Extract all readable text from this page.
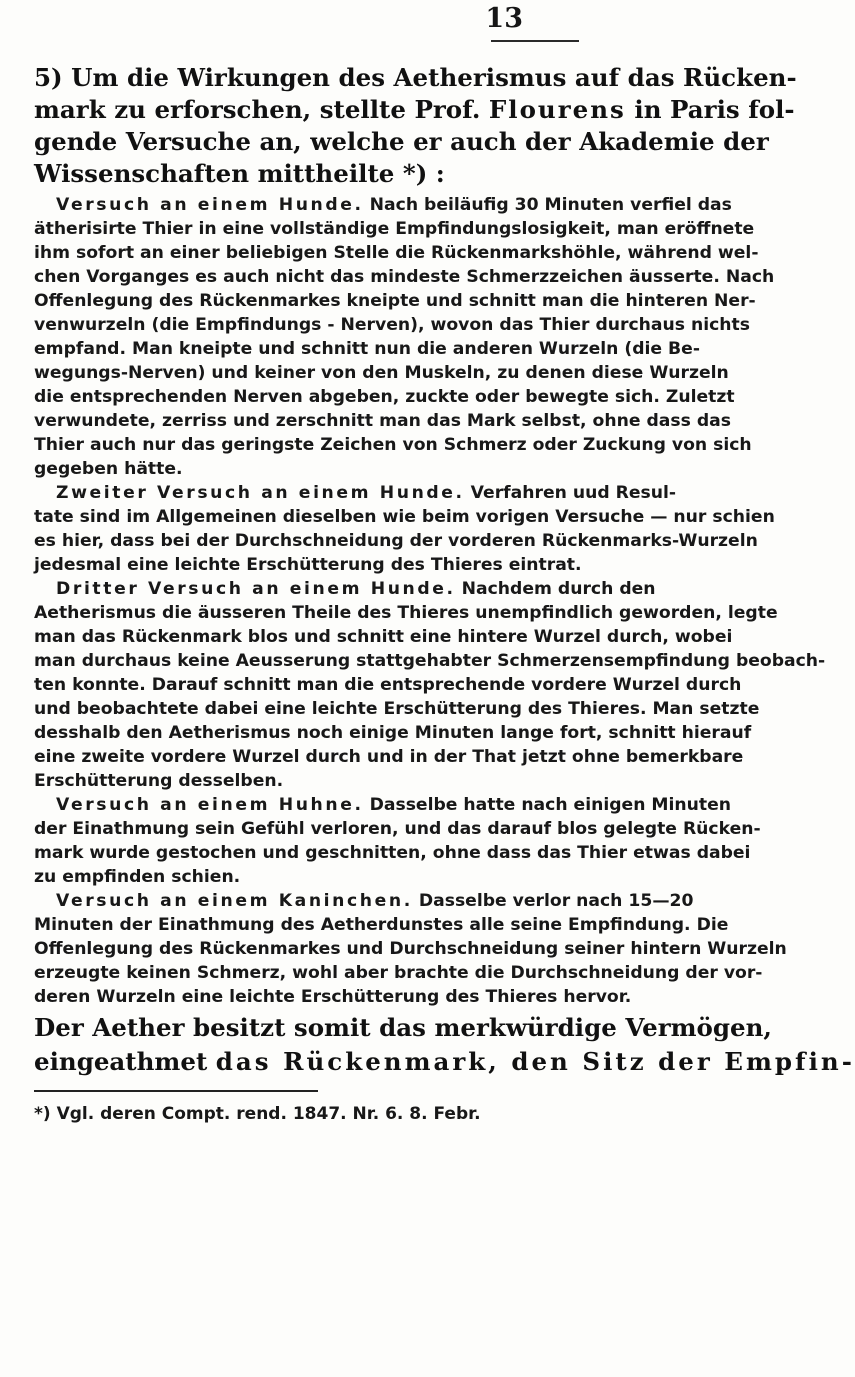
13
5) Um die Wirkungen des Aetherismus auf das Rücken-
mark zu erforschen, stellte Prof. Flourens in Paris fol-
gende Versuche an, welche er auch der Akademie der
Wissenschaften mittheilte *) :
Versuch an einem Hunde. Nach beiläufig 30 Minuten verfiel das
ätherisirte Thier in eine vollständige Empfindungslosigkeit, man eröffnete
ihm sofort an einer beliebigen Stelle die Rückenmarkshöhle, während wel-
chen Vorganges es auch nicht das mindeste Schmerzzeichen äusserte. Nach
Offenlegung des Rückenmarkes kneipte und schnitt man die hinteren Ner-
venwurzeln (die Empfindungs - Nerven), wovon das Thier durchaus nichts
empfand. Man kneipte und schnitt nun die anderen Wurzeln (die Be-
wegungs-Nerven) und keiner von den Muskeln, zu denen diese Wurzeln
die entsprechenden Nerven abgeben, zuckte oder bewegte sich. Zuletzt
verwundete, zerriss und zerschnitt man das Mark selbst, ohne dass das
Thier auch nur das geringste Zeichen von Schmerz oder Zuckung von sich
gegeben hätte.
Zweiter Versuch an einem Hunde. Verfahren uud Resul-
tate sind im Allgemeinen dieselben wie beim vorigen Versuche — nur schien
es hier, dass bei der Durchschneidung der vorderen Rückenmarks-Wurzeln
jedesmal eine leichte Erschütterung des Thieres eintrat.
Dritter Versuch an einem Hunde. Nachdem durch den
Aetherismus die äusseren Theile des Thieres unempfindlich geworden, legte
man das Rückenmark blos und schnitt eine hintere Wurzel durch, wobei
man durchaus keine Aeusserung stattgehabter Schmerzensempfindung beobach-
ten konnte. Darauf schnitt man die entsprechende vordere Wurzel durch
und beobachtete dabei eine leichte Erschütterung des Thieres. Man setzte
desshalb den Aetherismus noch einige Minuten lange fort, schnitt hierauf
eine zweite vordere Wurzel durch und in der That jetzt ohne bemerkbare
Erschütterung desselben.
Versuch an einem Huhne. Dasselbe hatte nach einigen Minuten
der Einathmung sein Gefühl verloren, und das darauf blos gelegte Rücken-
mark wurde gestochen und geschnitten, ohne dass das Thier etwas dabei
zu empfinden schien.
Versuch an einem Kaninchen. Dasselbe verlor nach 15—20
Minuten der Einathmung des Aetherdunstes alle seine Empfindung. Die
Offenlegung des Rückenmarkes und Durchschneidung seiner hintern Wurzeln
erzeugte keinen Schmerz, wohl aber brachte die Durchschneidung der vor-
deren Wurzeln eine leichte Erschütterung des Thieres hervor.
Der Aether besitzt somit das merkwürdige Vermögen,
eingeathmet das Rückenmark, den Sitz der Empfin-
*) Vgl. deren Compt. rend. 1847. Nr. 6. 8. Febr.
